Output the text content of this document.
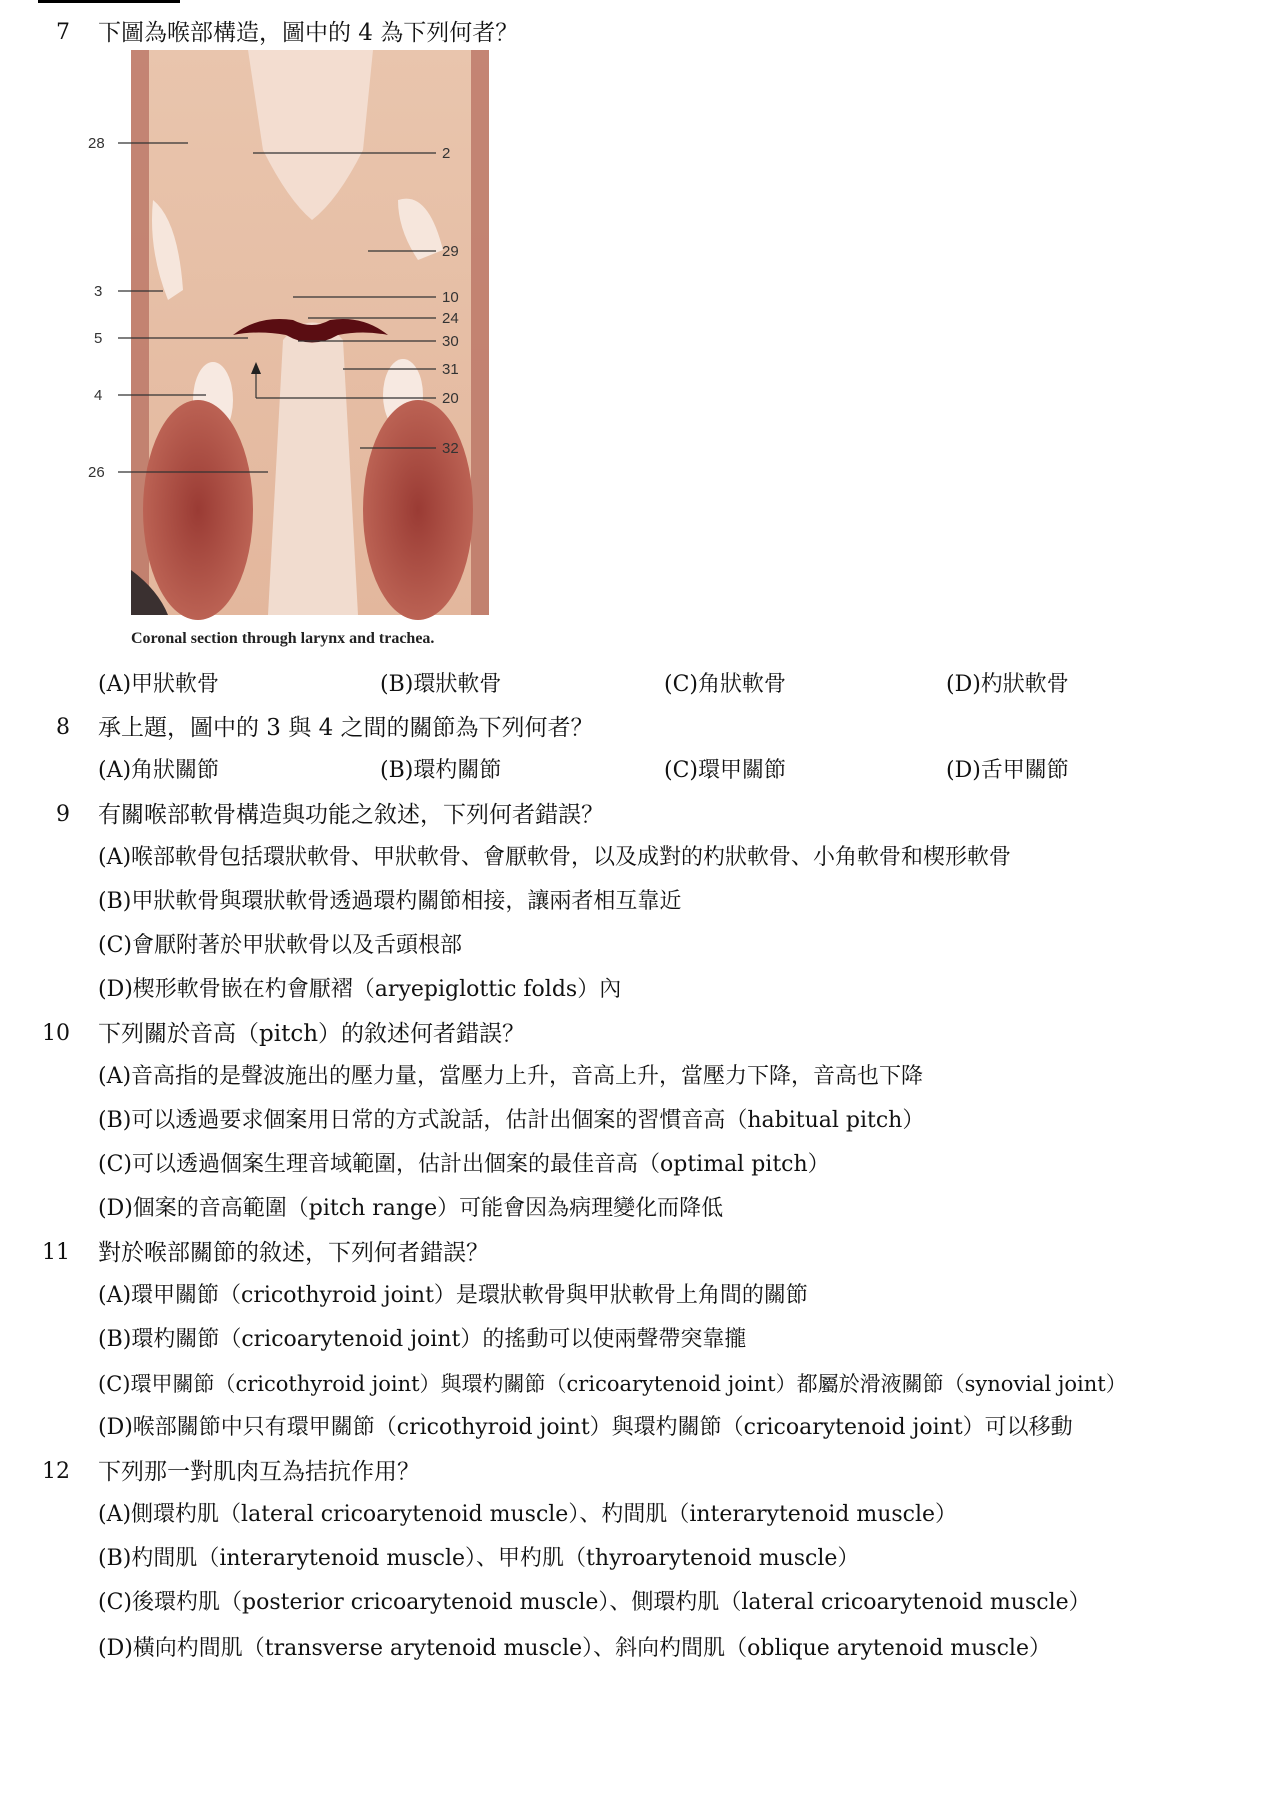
7 下圖為喉部構造，圖中的 4 為下列何者？
28
3
5
4
26
2
29
10
24
30
31
20
32
Coronal section through larynx and trachea.
(A)甲狀軟骨	(B)環狀軟骨	(C)角狀軟骨	(D)杓狀軟骨
8 承上題，圖中的 3 與 4 之間的關節為下列何者？
(A)角狀關節	(B)環杓關節	(C)環甲關節	(D)舌甲關節
9 有關喉部軟骨構造與功能之敘述，下列何者錯誤？
(A)喉部軟骨包括環狀軟骨、甲狀軟骨、會厭軟骨，以及成對的杓狀軟骨、小角軟骨和楔形軟骨
(B)甲狀軟骨與環狀軟骨透過環杓關節相接，讓兩者相互靠近
(C)會厭附著於甲狀軟骨以及舌頭根部
(D)楔形軟骨嵌在杓會厭褶（aryepiglottic folds）內
10 下列關於音高（pitch）的敘述何者錯誤？
(A)音高指的是聲波施出的壓力量，當壓力上升，音高上升，當壓力下降，音高也下降
(B)可以透過要求個案用日常的方式說話，估計出個案的習慣音高（habitual pitch）
(C)可以透過個案生理音域範圍，估計出個案的最佳音高（optimal pitch）
(D)個案的音高範圍（pitch range）可能會因為病理變化而降低
11 對於喉部關節的敘述，下列何者錯誤？
(A)環甲關節（cricothyroid joint）是環狀軟骨與甲狀軟骨上角間的關節
(B)環杓關節（cricoarytenoid joint）的搖動可以使兩聲帶突靠攏
(C)環甲關節（cricothyroid joint）與環杓關節（cricoarytenoid joint）都屬於滑液關節（synovial joint）
(D)喉部關節中只有環甲關節（cricothyroid joint）與環杓關節（cricoarytenoid joint）可以移動
12 下列那一對肌肉互為拮抗作用？
(A)側環杓肌（lateral cricoarytenoid muscle）、杓間肌（interarytenoid muscle）
(B)杓間肌（interarytenoid muscle）、甲杓肌（thyroarytenoid muscle）
(C)後環杓肌（posterior cricoarytenoid muscle）、側環杓肌（lateral cricoarytenoid muscle）
(D)橫向杓間肌（transverse arytenoid muscle）、斜向杓間肌（oblique arytenoid muscle）
